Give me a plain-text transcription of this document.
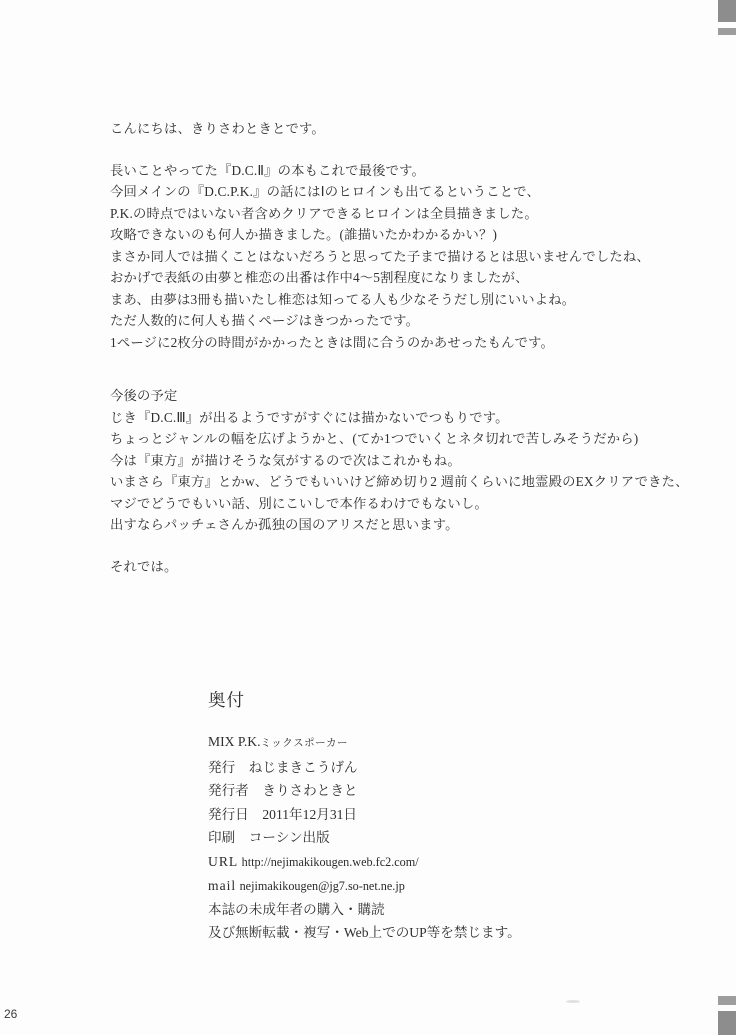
こんにちは、きりさわときとです。
長いことやってた『D.C.Ⅱ』の本もこれで最後です。
今回メインの『D.C.P.K.』の話にはⅠのヒロインも出てるということで、
P.K.の時点ではいない者含めクリアできるヒロインは全員描きました。
攻略できないのも何人か描きました。(誰描いたかわかるかい？)
まさか同人では描くことはないだろうと思ってた子まで描けるとは思いませんでしたね、
おかげで表紙の由夢と椎恋の出番は作中4〜5割程度になりましたが、
まあ、由夢は3冊も描いたし椎恋は知ってる人も少なそうだし別にいいよね。
ただ人数的に何人も描くページはきつかったです。
1ページに2枚分の時間がかかったときは間に合うのかあせったもんです。
今後の予定
じき『D.C.Ⅲ』が出るようですがすぐには描かないでつもりです。
ちょっとジャンルの幅を広げようかと、(てか1つでいくとネタ切れで苦しみそうだから)
今は『東方』が描けそうな気がするので次はこれかもね。
いまさら『東方』とかw、どうでもいいけど締め切り2 週前くらいに地霊殿のEXクリアできた、
マジでどうでもいい話、別にこいしで本作るわけでもないし。
出すならパッチェさんか孤独の国のアリスだと思います。
それでは。
奥付
MIX P.K.ミックスポーカー
発行　 ねじまきこうげん
発行者　 きりさわときと
発行日　 2011年12月31日
印刷　 コーシン出版
URL http://nejimakikougen.web.fc2.com/
mail nejimakikougen@jg7.so-net.ne.jp
本誌の未成年者の購入・購読
及び無断転載・複写・Web上でのUP等を禁じます。
26
